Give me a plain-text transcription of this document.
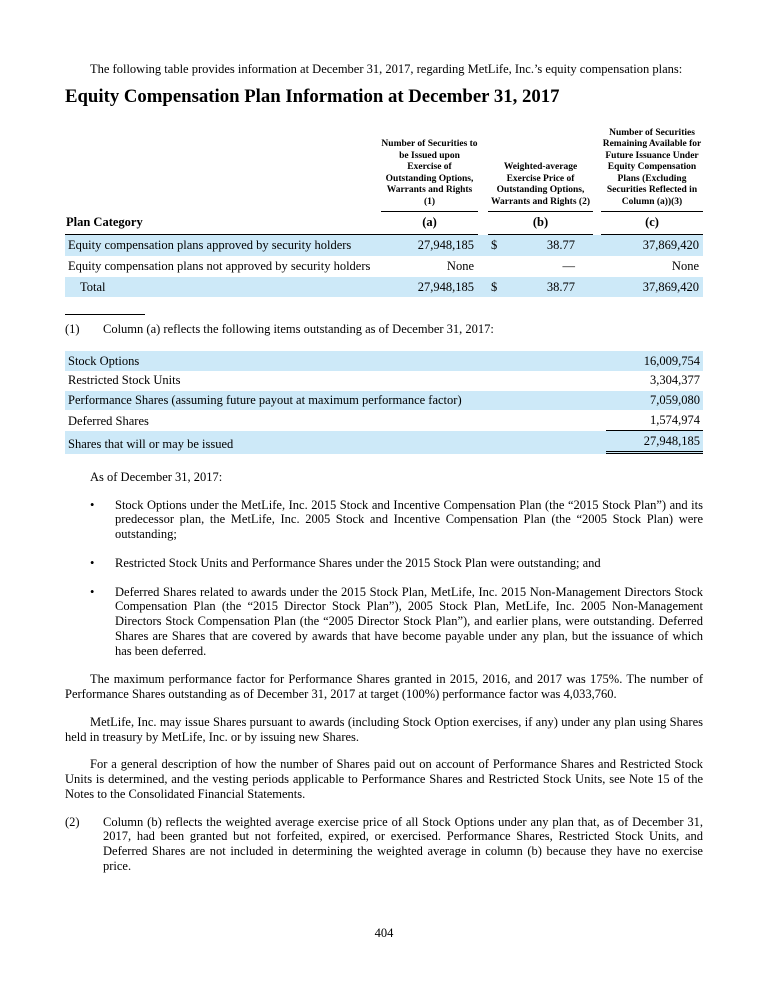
The following table provides information at December 31, 2017, regarding MetLife, Inc.’s equity compensation plans:

Equity Compensation Plan Information at December 31, 2017
	Number of Securities to be Issued upon Exercise of Outstanding Options, Warrants and Rights (1)		Weighted-average Exercise Price of Outstanding Options, Warrants and Rights (2)		Number of Securities Remaining Available for Future Issuance Under Equity Compensation Plans (Excluding Securities Reflected in Column (a))(3)
Plan Category	(a)		(b)		(c)
Equity compensation plans approved by security holders	27,948,185		$ 38.77		37,869,420
Equity compensation plans not approved by security holders	None		—		None
Total	27,948,185		$ 38.77		37,869,420
(1)	Column (a) reflects the following items outstanding as of December 31, 2017:
Stock Options	16,009,754
Restricted Stock Units	3,304,377
Performance Shares (assuming future payout at maximum performance factor)	7,059,080
Deferred Shares	1,574,974
Shares that will or may be issued	27,948,185

As of December 31, 2017:

•	Stock Options under the MetLife, Inc. 2015 Stock and Incentive Compensation Plan (the “2015 Stock Plan”) and its predecessor plan, the MetLife, Inc. 2005 Stock and Incentive Compensation Plan (the “2005 Stock Plan) were outstanding;
•	Restricted Stock Units and Performance Shares under the 2015 Stock Plan were outstanding; and
•	Deferred Shares related to awards under the 2015 Stock Plan, MetLife, Inc. 2015 Non-Management Directors Stock Compensation Plan (the “2015 Director Stock Plan”), 2005 Stock Plan, MetLife, Inc. 2005 Non-Management Directors Stock Compensation Plan (the “2005 Director Stock Plan”), and earlier plans, were outstanding. Deferred Shares are Shares that are covered by awards that have become payable under any plan, but the issuance of which has been deferred.

The maximum performance factor for Performance Shares granted in 2015, 2016, and 2017 was 175%. The number of Performance Shares outstanding as of December 31, 2017 at target (100%) performance factor was 4,033,760.

MetLife, Inc. may issue Shares pursuant to awards (including Stock Option exercises, if any) under any plan using Shares held in treasury by MetLife, Inc. or by issuing new Shares.

For a general description of how the number of Shares paid out on account of Performance Shares and Restricted Stock Units is determined, and the vesting periods applicable to Performance Shares and Restricted Stock Units, see Note 15 of the Notes to the Consolidated Financial Statements.

(2)	Column (b) reflects the weighted average exercise price of all Stock Options under any plan that, as of December 31, 2017, had been granted but not forfeited, expired, or exercised. Performance Shares, Restricted Stock Units, and Deferred Shares are not included in determining the weighted average in column (b) because they have no exercise price.
404
